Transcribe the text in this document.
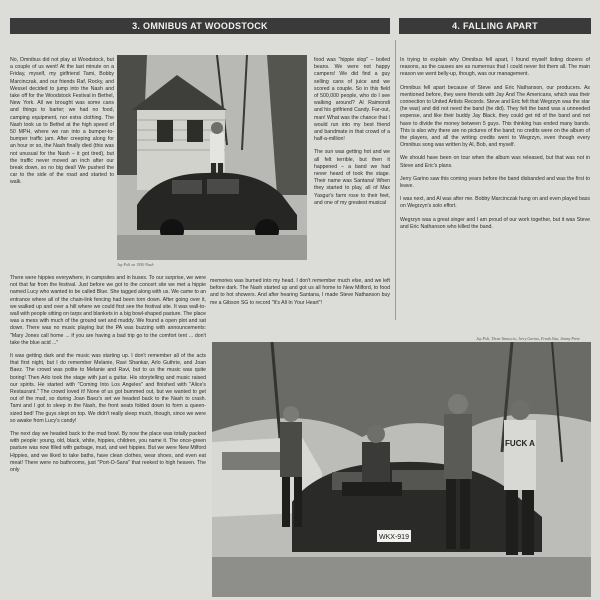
3. OMNIBUS AT WOODSTOCK	4. FALLING APART
No, Omnibus did not play at Woodstock, but a couple of us went! At the last minute on a Friday, myself, my girlfriend Tami, Bobby Marcinczak, and our friends Raf, Rocky, and Wessel decided to jump into the Nash and take off for the Woodstock Festival in Bethel, New York. All we brought was some cans and things to barter; we had no food, camping equipment, nor extra clothing. The Nash took us to Bethel at the high speed of 50 MPH, where we ran into a bumper-to-bumper traffic jam. After creeping along for an hour or so, the Nash finally died (this was not unusual for the Nash – it got tired), but the traffic never moved an inch after our break down, so no big deal! We pushed the car to the side of the road and started to walk.
Jay Poli on 1950 Nash

food was "hippie slop" – boiled beans. We were not happy campers! We did find a guy selling cans of juice and we scored a couple. So in this field of 500,000 people, who do I see walking around? Al Raimondi and his girlfriend Candy. Far-out, man! What was the chance that I would run into my best friend and bandmate in that crowd of a half-a-million!

The sun was getting hot and we all felt terrible, but then it happened – a band we had never heard of took the stage. Their name was Santana! When they started to play, all of Max Yasgur's farm rose to their feet, and one of my greatest musical

memories was burned into my head. I don't remember much else, and we left before dark. The Nash started up and got us all home to New Milford, to food and to hot showers. And after hearing Santana, I made Steve Nathanson buy me a Gibson SG to record "It's All In Your Heart"!

There were hippies everywhere, in campsites and in buses. To our surprise, we were not that far from the festival. Just before we got to the concert site we met a hippie named Lucy who wanted to be called Blue. She tagged along with us. We came to an entrance where all of the chain-link fencing had been torn down. After going over it, we walked up and over a hill where we could first see the festival site. It was wall-to-wall with people sitting on tarps and blankets in a big bowl-shaped pasture. The place was a mess with much of the ground wet and muddy. We found a open plot and sat down. There was no music playing but the PA was buzzing with announcements: "Mary Jones call home ... if you are having a bad trip go to the comfort tent ... don't take the blue acid ..."

It was getting dark and the music was starting up. I don't remember all of the acts that first night, but I do remember Melanie, Ravi Shankar, Arlo Guthrie, and Joan Baez. The crowd was polite to Melanie and Ravi, but to us the music was quite boring! Then Arlo took the stage with just a guitar. His storytelling and music raised our spirits. He started with "Coming Into Los Angeles" and finished with "Alice's Restaurant." The crowd loved it! None of us got bummed out, but we wanted to get out of the mud, so during Joan Baez's set we headed back to the Nash to crash. Tami and I got to sleep in the Nash, the front seats folded down to form a queen-sized bed! The guys slept on top. We didn't really sleep much, though, since we were so awake from Lucy's candy!

The next day we headed back to the mud bowl. By now the place was totally packed with people: young, old, black, white, hippies, children, you name it. The once-green pasture was now filled with garbage, mud, and wet hippies. But we were New Milford Hippies, and we liked to take baths, have clean clothes, wear shoes, and even eat meat! There were no bathrooms, just "Port-O-Sans" that reeked to high heaven. The only

In trying to explain why Omnibus fell apart, I found myself listing dozens of reasons, as the causes are as numerous that I could never list them all. The main reason we went belly-up, though, was our management.

Omnibus fell apart because of Steve and Eric Nathanson, our producers. As mentioned before, they were friends with Jay And The Americans, which was their connection to United Artists Records. Steve and Eric felt that Wegrzyn was the star (he was) and did not need the band (he did). They felt the band was a unneeded expense, and like their buddy Jay Black, they could get rid of the band and not have to divide the money between 5 guys. This thinking has ended many bands. This is also why there are no pictures of the band; no credits were on the album of the players, and all the writing credits went to Wegrzyn, even though every Omnibus song was written by Al, Bob, and myself.

We should have been on tour when the album was released, but that was not in Steve and Eric's plans.

Jerry Garino saw this coming years before the band disbanded and was the first to leave.

I was next, and Al was after me. Bobby Marcinczak hung on and even played bass on Wegrzyn's solo effort.

Wegrzyn was a great singer and I am proud of our work together, but it was Steve and Eric Nathanson who killed the band.

Jay Poli, Thom Vanuccio, Jerry Garino, Frank Sita, Jimmy Prete
WKX-919
FUCK A
